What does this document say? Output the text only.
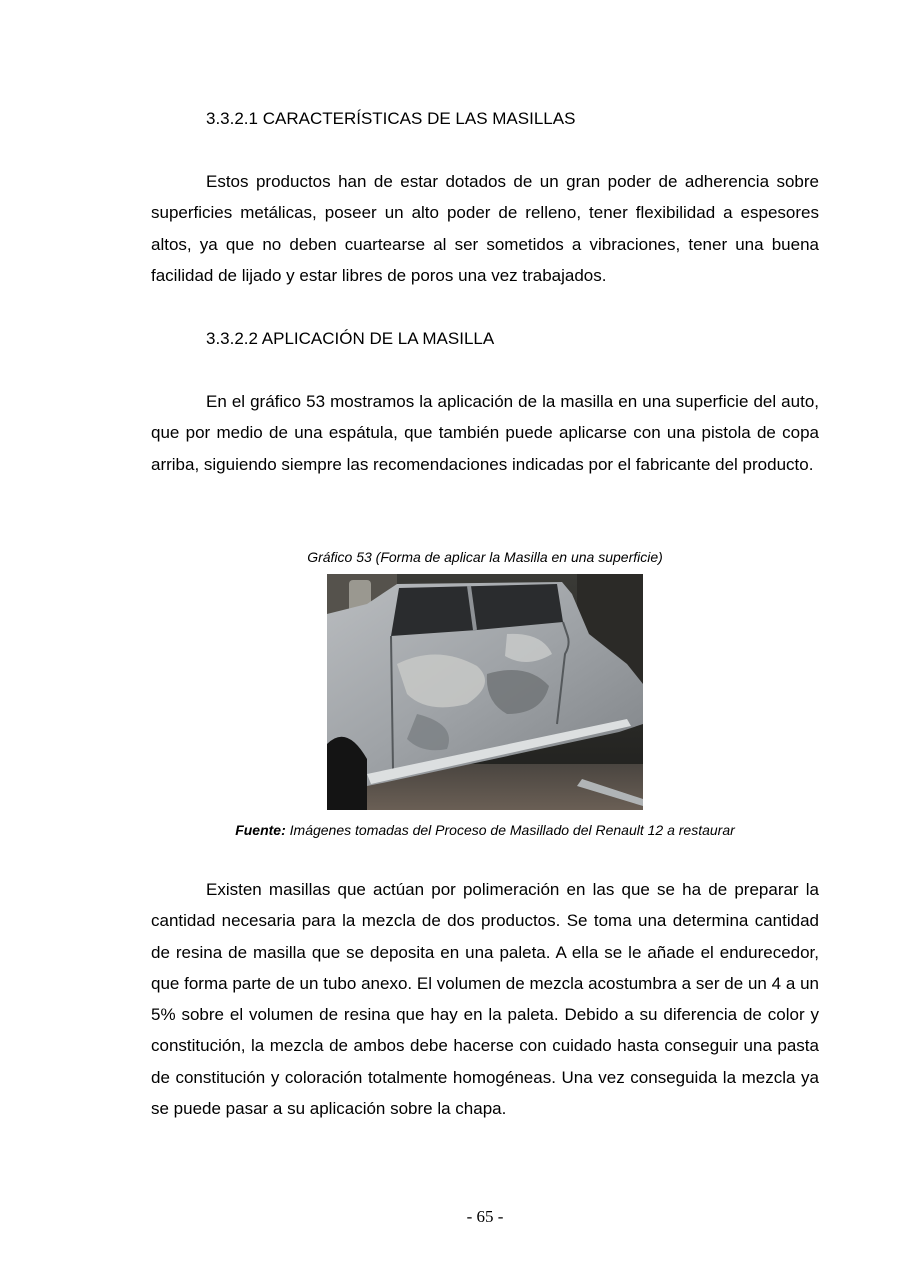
3.3.2.1 CARACTERÍSTICAS DE LAS MASILLAS

Estos productos han de estar dotados de un gran poder de adherencia sobre superficies metálicas, poseer un alto poder de relleno, tener flexibilidad a espesores altos, ya que no deben cuartearse al ser sometidos a vibraciones, tener una buena facilidad de lijado y estar libres de poros una vez trabajados.

3.3.2.2 APLICACIÓN DE LA MASILLA

En el gráfico 53 mostramos la aplicación de la masilla en una superficie del auto, que por medio de una espátula, que también puede aplicarse con una pistola de copa arriba, siguiendo siempre las recomendaciones indicadas por el fabricante del producto.

Gráfico 53 (Forma de aplicar la Masilla en una superficie)
Fuente: Imágenes tomadas del Proceso de Masillado del Renault 12 a restaurar

Existen masillas que actúan por polimeración en las que se ha de preparar la cantidad necesaria para la mezcla de dos productos. Se toma una determina cantidad de resina de masilla que se deposita en una paleta. A ella se le añade el endurecedor, que forma parte de un tubo anexo. El volumen de mezcla acostumbra a ser de un 4 a un 5% sobre el volumen de resina que hay en la paleta. Debido a su diferencia de color y constitución, la mezcla de ambos debe hacerse con cuidado hasta conseguir una pasta de constitución y coloración totalmente homogéneas. Una vez conseguida la mezcla ya se puede pasar a su aplicación sobre la chapa.

- 65 -
